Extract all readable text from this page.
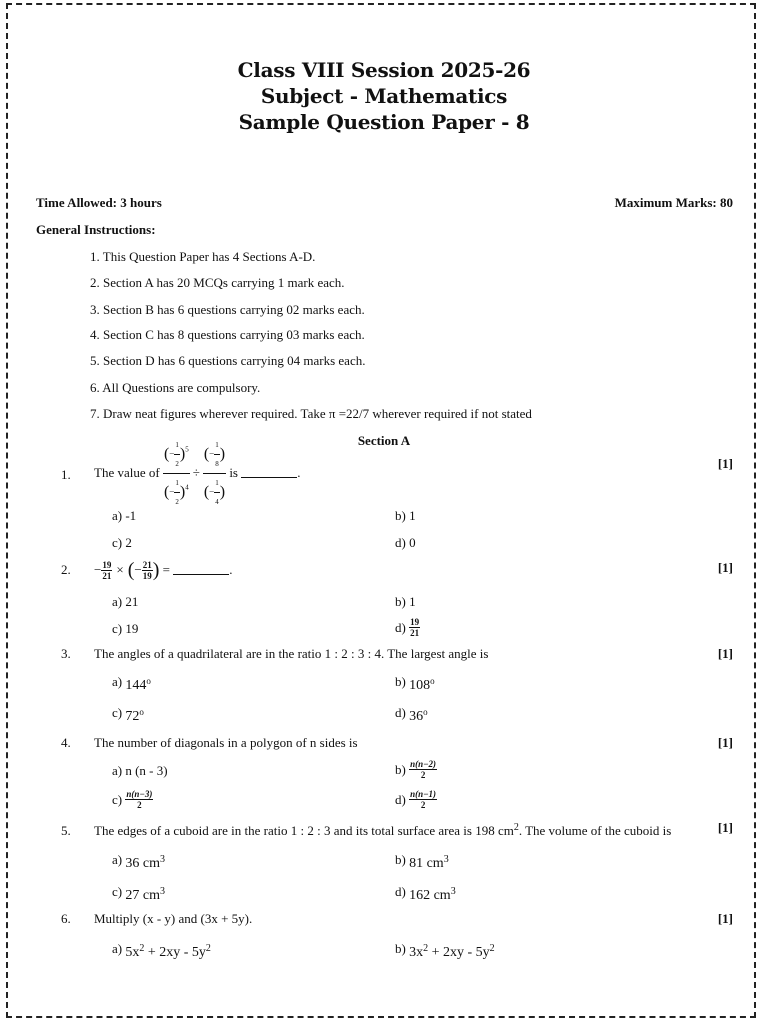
Class VIII Session 2025-26
Subject - Mathematics
Sample Question Paper - 8
Time Allowed: 3 hours	Maximum Marks: 80
General Instructions:
1. This Question Paper has 4 Sections A-D.
2. Section A has 20 MCQs carrying 1 mark each.
3. Section B has 6 questions carrying 02 marks each.
4. Section C has 8 questions carrying 03 marks each.
5. Section D has 6 questions carrying 04 marks each.
6. All Questions are compulsory.
7. Draw neat figures wherever required. Take π =22/7 wherever required if not stated
Section A
1.
[1]
The value of
$\frac{(- \frac{1}{2} )^5}{(- \frac{1}{2} )^4} \div \frac{(- \frac{1}{8} )}{(- \frac{1}{4} )}$
is
	.
a) -1	b) 1
c) 2	d) 0
2.	[1]
− $\frac{19}{21}$ × ( − $\frac{21}{19}$ )
=
	.
a) 21	b) 1
c) 19	d)
$\frac{19}{21}$
3. The angles of a quadrilateral are in the ratio 1 : 2 : 3 : 4. The largest angle is	[1]
a) 144$^o$	b) 108$^o$
c) 72$^o$	d) 36$^o$
4. The number of diagonals in a polygon of n sides is	[1]
a) n (n - 3)	b)
$\frac{n(n-2)}{2}$
c)
$\frac{n(n-3)}{2}$	d)
$\frac{n(n-1)}{2}$
5. The edges of a cuboid are in the ratio 1 : 2 : 3 and its total surface area is 198 $cm^2$. The volume of the cuboid is	[1]
a) 36 $cm^3$	b) 81 $cm^3$
c) 27 $cm^3$	d) 162 $cm^3$
6. Multiply (x - y) and (3x + 5y).	[1]
a) $5x^2 + 2xy - 5y^2$	b) $3x^2 + 2xy - 5y^2$
